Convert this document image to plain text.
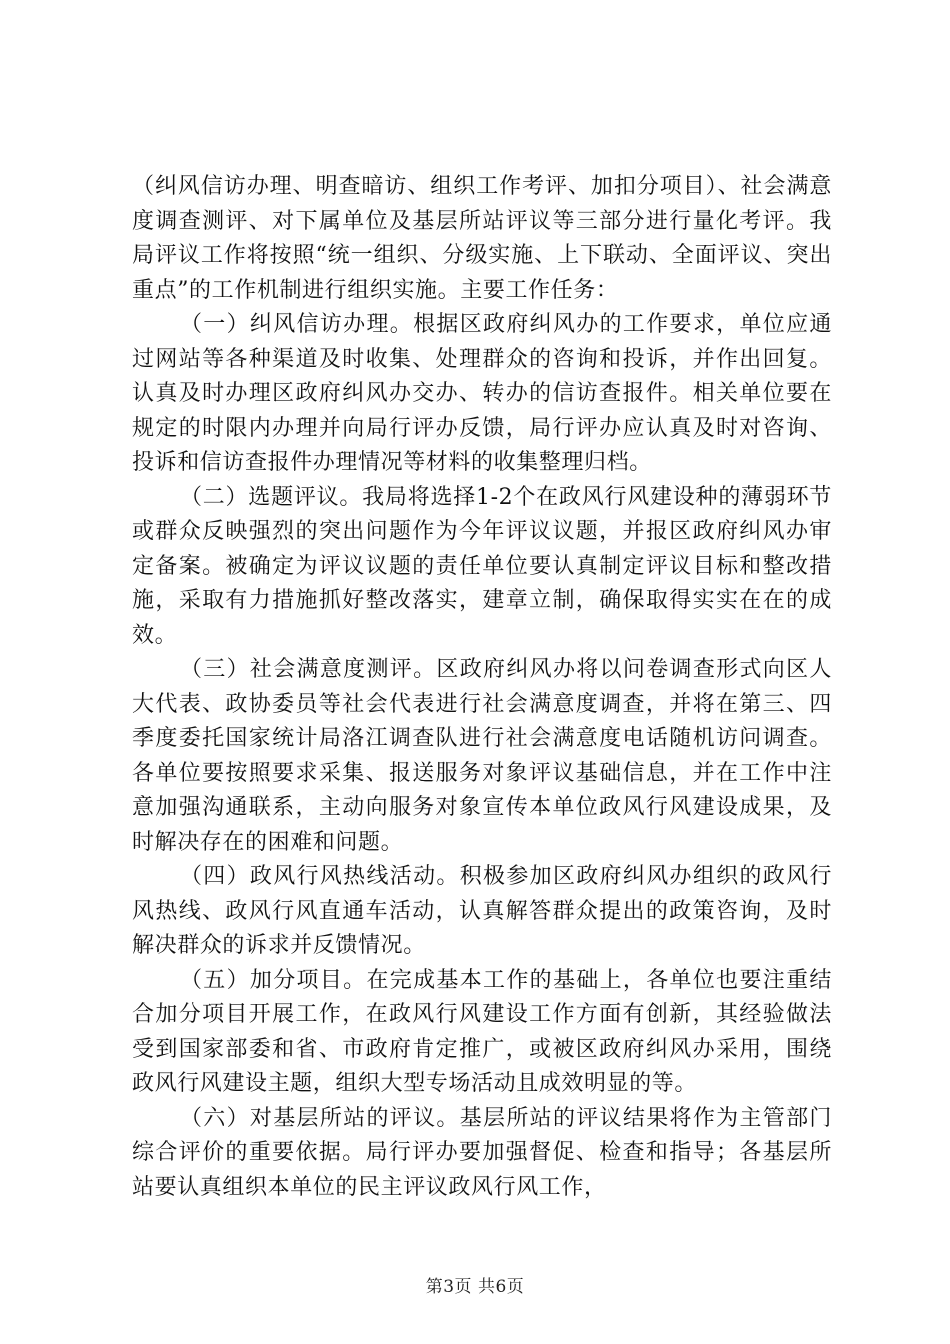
（纠风信访办理、明查暗访、组织工作考评、加扣分项目）、社会满意度调查测评、对下属单位及基层所站评议等三部分进行量化考评。我局评议工作将按照“统一组织、分级实施、上下联动、全面评议、突出重点”的工作机制进行组织实施。主要工作任务：

（一）纠风信访办理。根据区政府纠风办的工作要求，单位应通过网站等各种渠道及时收集、处理群众的咨询和投诉，并作出回复。认真及时办理区政府纠风办交办、转办的信访查报件。相关单位要在规定的时限内办理并向局行评办反馈，局行评办应认真及时对咨询、投诉和信访查报件办理情况等材料的收集整理归档。

（二）选题评议。我局将选择1-2个在政风行风建设种的薄弱环节或群众反映强烈的突出问题作为今年评议议题，并报区政府纠风办审定备案。被确定为评议议题的责任单位要认真制定评议目标和整改措施，采取有力措施抓好整改落实，建章立制，确保取得实实在在的成效。

（三）社会满意度测评。区政府纠风办将以问卷调查形式向区人大代表、政协委员等社会代表进行社会满意度调查，并将在第三、四季度委托国家统计局洛江调查队进行社会满意度电话随机访问调查。各单位要按照要求采集、报送服务对象评议基础信息，并在工作中注意加强沟通联系，主动向服务对象宣传本单位政风行风建设成果，及时解决存在的困难和问题。

（四）政风行风热线活动。积极参加区政府纠风办组织的政风行风热线、政风行风直通车活动，认真解答群众提出的政策咨询，及时解决群众的诉求并反馈情况。

（五）加分项目。在完成基本工作的基础上，各单位也要注重结合加分项目开展工作，在政风行风建设工作方面有创新，其经验做法受到国家部委和省、市政府肯定推广，或被区政府纠风办采用，围绕政风行风建设主题，组织大型专场活动且成效明显的等。

（六）对基层所站的评议。基层所站的评议结果将作为主管部门综合评价的重要依据。局行评办要加强督促、检查和指导；各基层所站要认真组织本单位的民主评议政风行风工作，

第3页 共6页
